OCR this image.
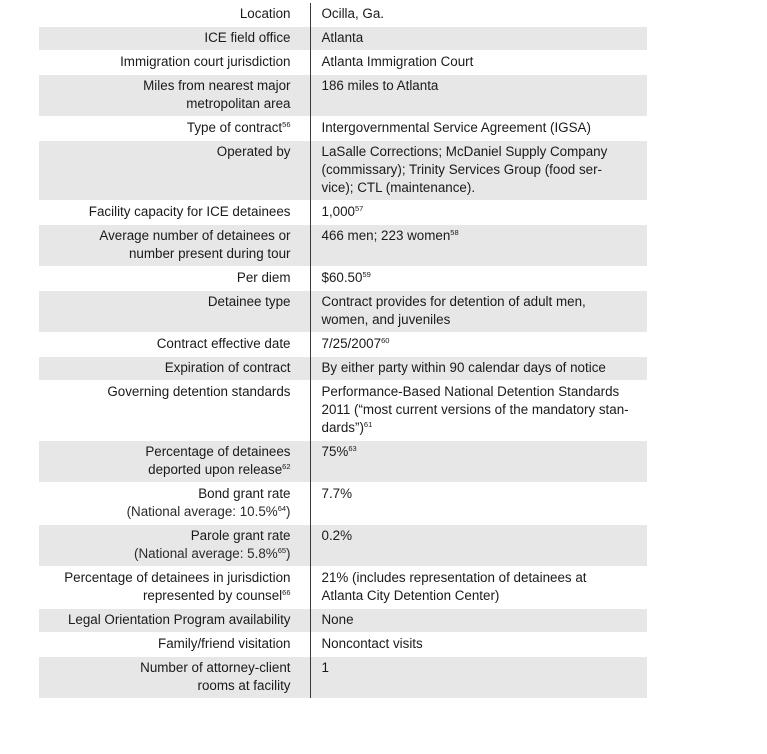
Location	Ocilla, Ga.
ICE field office	Atlanta
Immigration court jurisdiction	Atlanta Immigration Court
Miles from nearest major
metropolitan area	186 miles to Atlanta
Type of contract$^{56}$	Intergovernmental Service Agreement (IGSA)
Operated by	LaSalle Corrections; McDaniel Supply Company
(commissary); Trinity Services Group (food ser-
vice); CTL (maintenance).
Facility capacity for ICE detainees	1,000$^{57}$
Average number of detainees or
number present during tour	466 men; 223 women$^{58}$
Per diem	$60.50$^{59}$
Detainee type	Contract provides for detention of adult men,
women, and juveniles
Contract effective date	7/25/2007$^{60}$
Expiration of contract	By either party within 90 calendar days of notice
Governing detention standards	Performance-Based National Detention Standards
2011 (“most current versions of the mandatory stan-
dards”)$^{61}$
Percentage of detainees
deported upon release$^{62}$	75%$^{63}$
Bond grant rate
(National average: 10.5%$^{64}$)	7.7%
Parole grant rate
(National average: 5.8%$^{65}$)	0.2%
Percentage of detainees in jurisdiction
represented by counsel$^{66}$	21% (includes representation of detainees at
Atlanta City Detention Center)
Legal Orientation Program availability	None
Family/friend visitation	Noncontact visits
Number of attorney-client
rooms at facility	1
